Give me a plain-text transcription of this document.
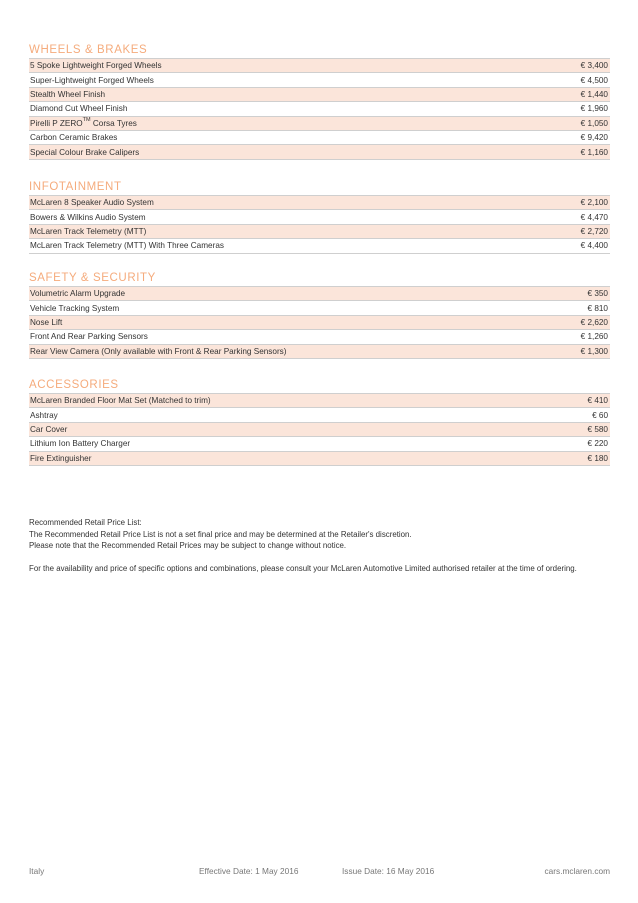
WHEELS & BRAKES
5 Spoke Lightweight Forged Wheels	€ 3,400
Super-Lightweight Forged Wheels	€ 4,500
Stealth Wheel Finish	€ 1,440
Diamond Cut Wheel Finish	€ 1,960
Pirelli P ZERO™ Corsa Tyres	€ 1,050
Carbon Ceramic Brakes	€ 9,420
Special Colour Brake Calipers	€ 1,160
INFOTAINMENT
McLaren 8 Speaker Audio System	€ 2,100
Bowers & Wilkins Audio System	€ 4,470
McLaren Track Telemetry (MTT)	€ 2,720
McLaren Track Telemetry (MTT) With Three Cameras	€ 4,400
SAFETY & SECURITY
Volumetric Alarm Upgrade	€ 350
Vehicle Tracking System	€ 810
Nose Lift	€ 2,620
Front And Rear Parking Sensors	€ 1,260
Rear View Camera (Only available with Front & Rear Parking Sensors)	€ 1,300
ACCESSORIES
McLaren Branded Floor Mat Set (Matched to trim)	€ 410
Ashtray	€ 60
Car Cover	€ 580
Lithium Ion Battery Charger	€ 220
Fire Extinguisher	€ 180

Recommended Retail Price List:

The Recommended Retail Price List is not a set final price and may be determined at the Retailer's discretion.

Please note that the Recommended Retail Prices may be subject to change without notice.

For the availability and price of specific options and combinations, please consult your McLaren Automotive Limited authorised retailer at the time of ordering.

Italy	Effective Date: 1 May 2016	Issue Date: 16 May 2016	cars.mclaren.com
